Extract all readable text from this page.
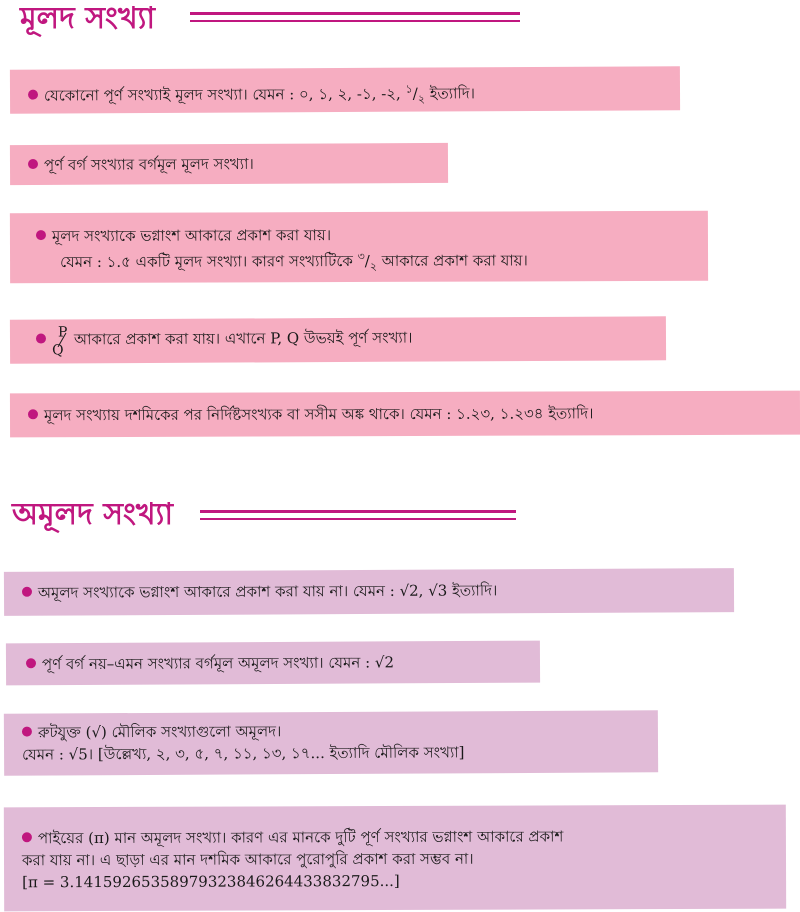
মূলদ সংখ্যা
যেকোনো পূর্ণ সংখ্যাই মূলদ সংখ্যা। যেমন : ০, ১, ২, -১, -২, $^১/_২$ ইত্যাদি।
পূর্ণ বর্গ সংখ্যার বর্গমূল মূলদ সংখ্যা।
মূলদ সংখ্যাকে ভগ্নাংশ আকারে প্রকাশ করা যায়।
যেমন : ১.৫ একটি মূলদ সংখ্যা। কারণ সংখ্যাটিকে $^৩/_২$ আকারে প্রকাশ করা যায়।
P
Q
আকারে প্রকাশ করা যায়। এখানে P, Q উভয়ই পূর্ণ সংখ্যা।
মূলদ সংখ্যায় দশমিকের পর নির্দিষ্টসংখ্যক বা সসীম অঙ্ক থাকে। যেমন : ১.২৩, ১.২৩৪ ইত্যাদি।
অমূলদ সংখ্যা
অমূলদ সংখ্যাকে ভগ্নাংশ আকারে প্রকাশ করা যায় না। যেমন : √2, √3 ইত্যাদি।
পূর্ণ বর্গ নয়–এমন সংখ্যার বর্গমূল অমূলদ সংখ্যা। যেমন : √2
রুটযুক্ত (√) মৌলিক সংখ্যাগুলো অমূলদ।
যেমন : √5। [উল্লেখ্য, ২, ৩, ৫, ৭, ১১, ১৩, ১৭... ইত্যাদি মৌলিক সংখ্যা]
পাইয়ের (π) মান অমূলদ সংখ্যা। কারণ এর মানকে দুটি পূর্ণ সংখ্যার ভগ্নাংশ আকারে প্রকাশ
করা যায় না। এ ছাড়া এর মান দশমিক আকারে পুরোপুরি প্রকাশ করা সম্ভব না।
[π = 3.14159265358979323846264433832795...]
